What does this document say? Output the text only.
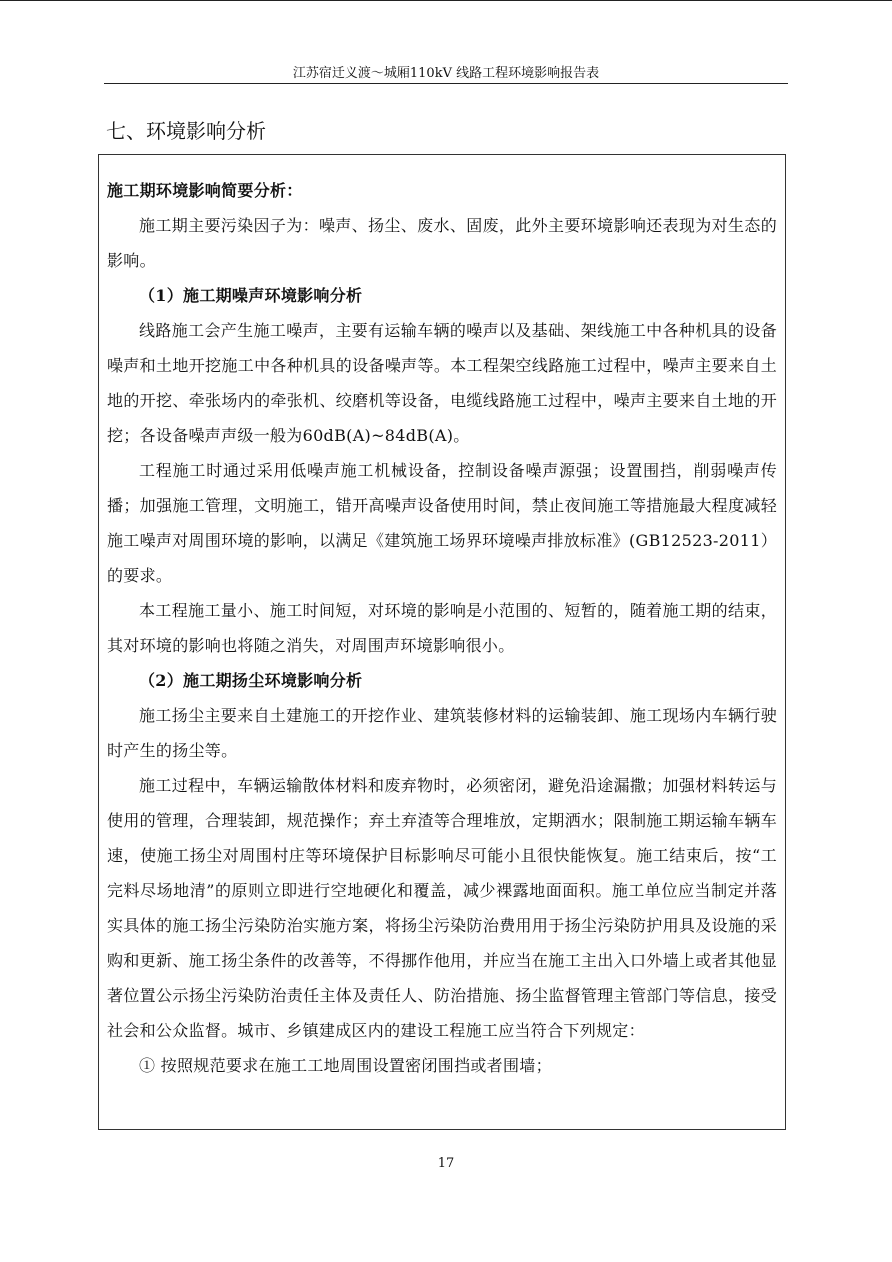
江苏宿迁义渡～城厢110kV 线路工程环境影响报告表
七、环境影响分析

施工期环境影响简要分析：

施工期主要污染因子为：噪声、扬尘、废水、固废，此外主要环境影响还表现为对生态的影响。

（1）施工期噪声环境影响分析

线路施工会产生施工噪声，主要有运输车辆的噪声以及基础、架线施工中各种机具的设备噪声和土地开挖施工中各种机具的设备噪声等。本工程架空线路施工过程中，噪声主要来自土地的开挖、牵张场内的牵张机、绞磨机等设备，电缆线路施工过程中，噪声主要来自土地的开挖；各设备噪声声级一般为60dB(A)~84dB(A)。

工程施工时通过采用低噪声施工机械设备，控制设备噪声源强；设置围挡，削弱噪声传播；加强施工管理，文明施工，错开高噪声设备使用时间，禁止夜间施工等措施最大程度减轻施工噪声对周围环境的影响，以满足《建筑施工场界环境噪声排放标准》(GB12523-2011）的要求。

本工程施工量小、施工时间短，对环境的影响是小范围的、短暂的，随着施工期的结束，其对环境的影响也将随之消失，对周围声环境影响很小。

（2）施工期扬尘环境影响分析

施工扬尘主要来自土建施工的开挖作业、建筑装修材料的运输装卸、施工现场内车辆行驶时产生的扬尘等。

施工过程中，车辆运输散体材料和废弃物时，必须密闭，避免沿途漏撒；加强材料转运与使用的管理，合理装卸，规范操作；弃土弃渣等合理堆放，定期洒水；限制施工期运输车辆车速，使施工扬尘对周围村庄等环境保护目标影响尽可能小且很快能恢复。施工结束后，按“工完料尽场地清”的原则立即进行空地硬化和覆盖，减少裸露地面面积。施工单位应当制定并落实具体的施工扬尘污染防治实施方案，将扬尘污染防治费用用于扬尘污染防护用具及设施的采购和更新、施工扬尘条件的改善等，不得挪作他用，并应当在施工主出入口外墙上或者其他显著位置公示扬尘污染防治责任主体及责任人、防治措施、扬尘监督管理主管部门等信息，接受社会和公众监督。城市、乡镇建成区内的建设工程施工应当符合下列规定：

① 按照规范要求在施工工地周围设置密闭围挡或者围墙；

17
